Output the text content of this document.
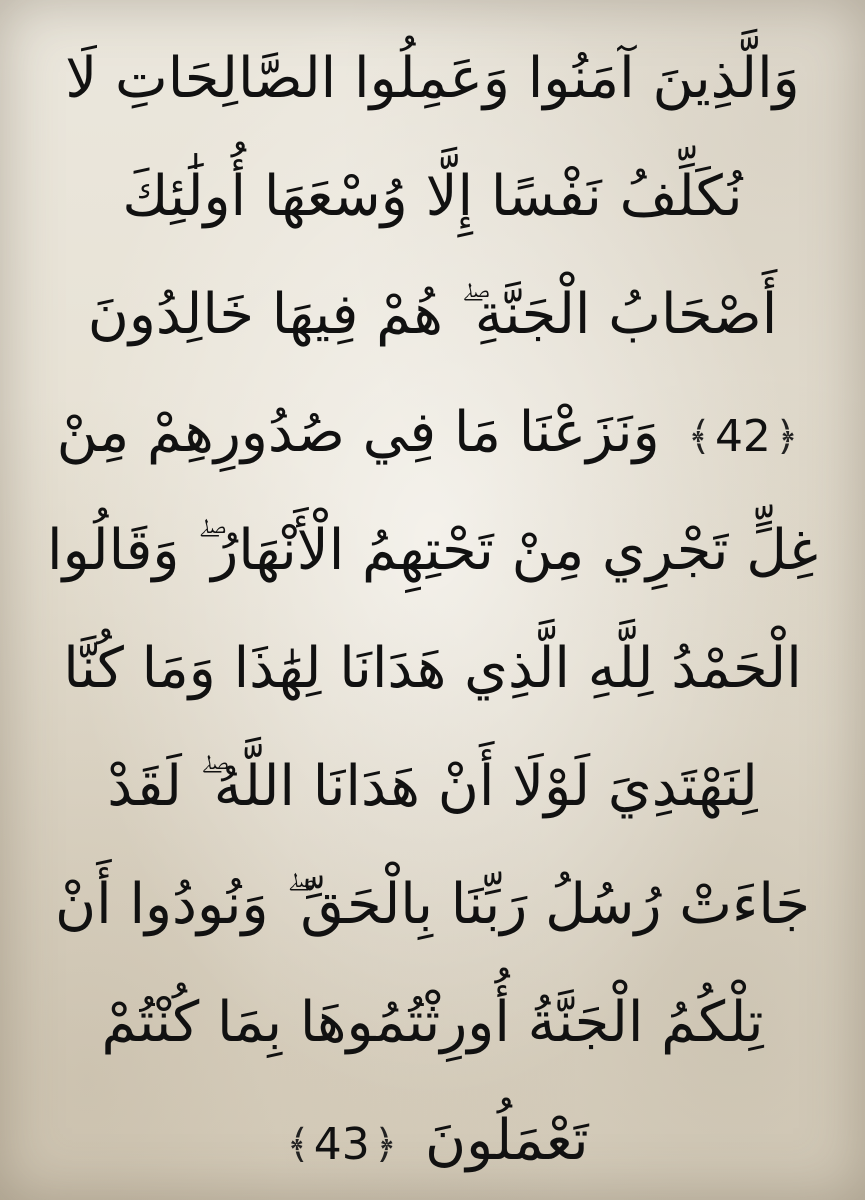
وَالَّذِينَ آمَنُوا وَعَمِلُوا الصَّالِحَاتِ لَا
نُكَلِّفُ نَفْسًا إِلَّا وُسْعَهَا أُولَٰئِكَ
أَصْحَابُ الْجَنَّةِ ۖ هُمْ فِيهَا خَالِدُونَ
﴿42﴾ وَنَزَعْنَا مَا فِي صُدُورِهِمْ مِنْ
غِلٍّ تَجْرِي مِنْ تَحْتِهِمُ الْأَنْهَارُ ۖ وَقَالُوا
الْحَمْدُ لِلَّهِ الَّذِي هَدَانَا لِهَٰذَا وَمَا كُنَّا
لِنَهْتَدِيَ لَوْلَا أَنْ هَدَانَا اللَّهُ ۖ لَقَدْ
جَاءَتْ رُسُلُ رَبِّنَا بِالْحَقِّ ۖ وَنُودُوا أَنْ
تِلْكُمُ الْجَنَّةُ أُورِثْتُمُوهَا بِمَا كُنْتُمْ
تَعْمَلُونَ ﴿43﴾
